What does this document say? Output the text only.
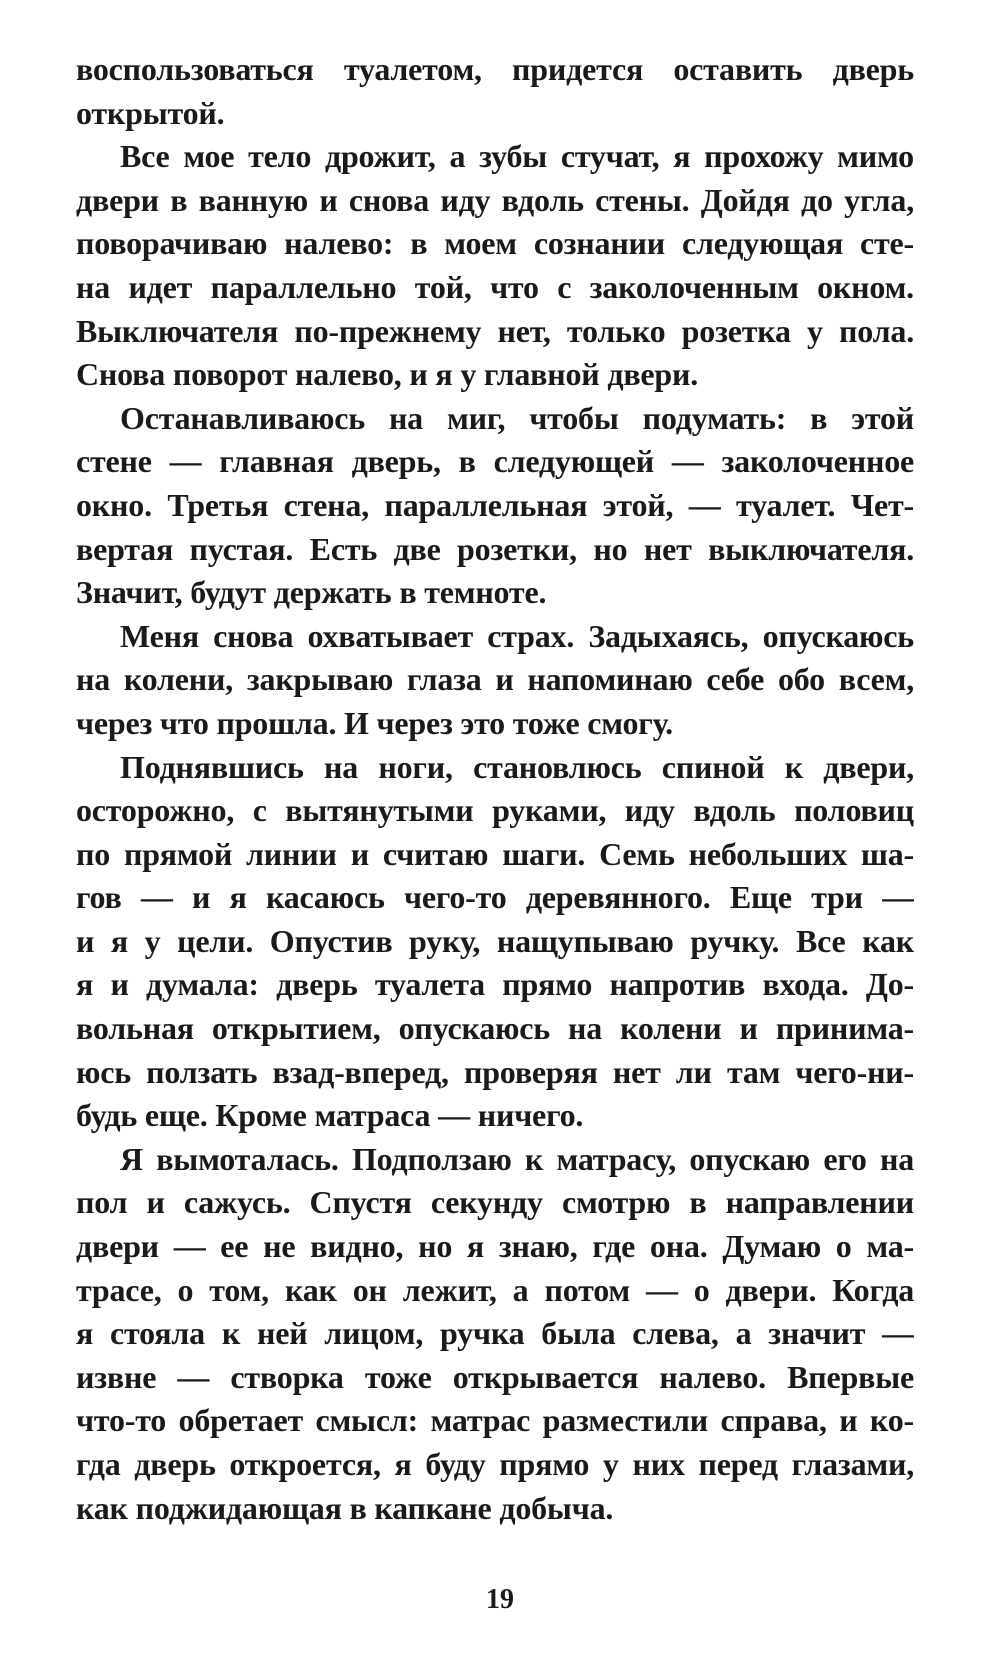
воспользоваться туалетом, придется оставить дверь
открытой.
Все мое тело дрожит, а зубы стучат, я прохожу мимо
двери в ванную и снова иду вдоль стены. Дойдя до угла,
поворачиваю налево: в моем сознании следующая сте-
на идет параллельно той, что с заколоченным окном.
Выключателя по-прежнему нет, только розетка у пола.
Снова поворот налево, и я у главной двери.
Останавливаюсь на миг, чтобы подумать: в этой
стене — главная дверь, в следующей — заколоченное
окно. Третья стена, параллельная этой, — туалет. Чет-
вертая пустая. Есть две розетки, но нет выключателя.
Значит, будут держать в темноте.
Меня снова охватывает страх. Задыхаясь, опускаюсь
на колени, закрываю глаза и напоминаю себе обо всем,
через что прошла. И через это тоже смогу.
Поднявшись на ноги, становлюсь спиной к двери,
осторожно, с вытянутыми руками, иду вдоль половиц
по прямой линии и считаю шаги. Семь небольших ша-
гов — и я касаюсь чего-то деревянного. Еще три —
и я у цели. Опустив руку, нащупываю ручку. Все как
я и думала: дверь туалета прямо напротив входа. До-
вольная открытием, опускаюсь на колени и принима-
юсь ползать взад-вперед, проверяя нет ли там чего-ни-
будь еще. Кроме матраса — ничего.
Я вымоталась. Подползаю к матрасу, опускаю его на
пол и сажусь. Спустя секунду смотрю в направлении
двери — ее не видно, но я знаю, где она. Думаю о ма-
трасе, о том, как он лежит, а потом — о двери. Когда
я стояла к ней лицом, ручка была слева, а значит —
извне — створка тоже открывается налево. Впервые
что-то обретает смысл: матрас разместили справа, и ко-
гда дверь откроется, я буду прямо у них перед глазами,
как поджидающая в капкане добыча.
19
